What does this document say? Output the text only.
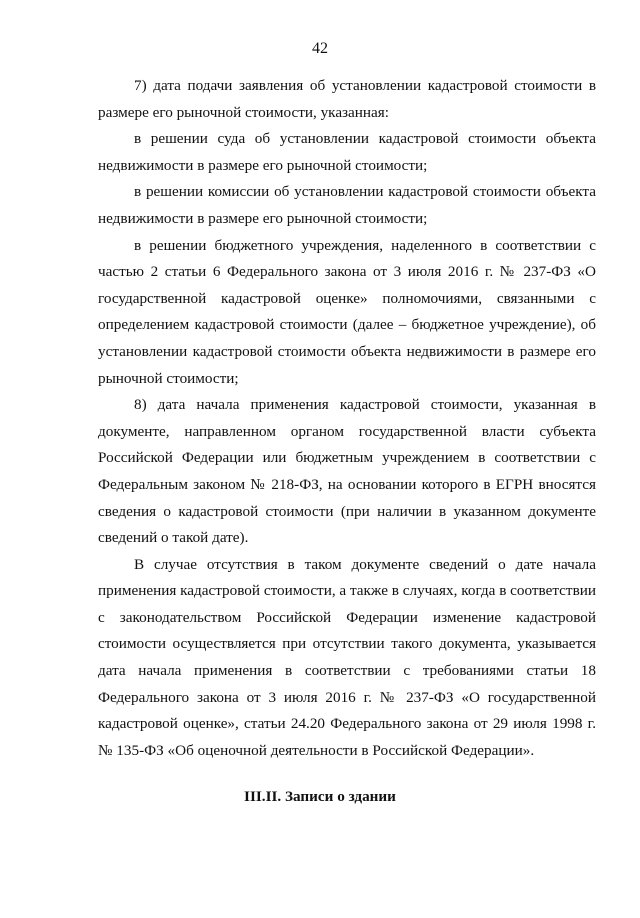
42

7) дата подачи заявления об установлении кадастровой стоимости в размере его рыночной стоимости, указанная:

в решении суда об установлении кадастровой стоимости объекта недвижимости в размере его рыночной стоимости;

в решении комиссии об установлении кадастровой стоимости объекта недвижимости в размере его рыночной стоимости;

в решении бюджетного учреждения, наделенного в соответствии с частью 2 статьи 6 Федерального закона от 3 июля 2016 г. № 237-ФЗ «О государственной кадастровой оценке» полномочиями, связанными с определением кадастровой стоимости (далее – бюджетное учреждение), об установлении кадастровой стоимости объекта недвижимости в размере его рыночной стоимости;

8) дата начала применения кадастровой стоимости, указанная в документе, направленном органом государственной власти субъекта Российской Федерации или бюджетным учреждением в соответствии с Федеральным законом № 218-ФЗ, на основании которого в ЕГРН вносятся сведения о кадастровой стоимости (при наличии в указанном документе сведений о такой дате).

В случае отсутствия в таком документе сведений о дате начала применения кадастровой стоимости, а также в случаях, когда в соответствии с законодательством Российской Федерации изменение кадастровой стоимости осуществляется при отсутствии такого документа, указывается дата начала применения в соответствии с требованиями статьи 18 Федерального закона от 3 июля 2016 г. № 237-ФЗ «О государственной кадастровой оценке», статьи 24.20 Федерального закона от 29 июля 1998 г. № 135-ФЗ «Об оценочной деятельности в Российской Федерации».

III.II. Записи о здании
